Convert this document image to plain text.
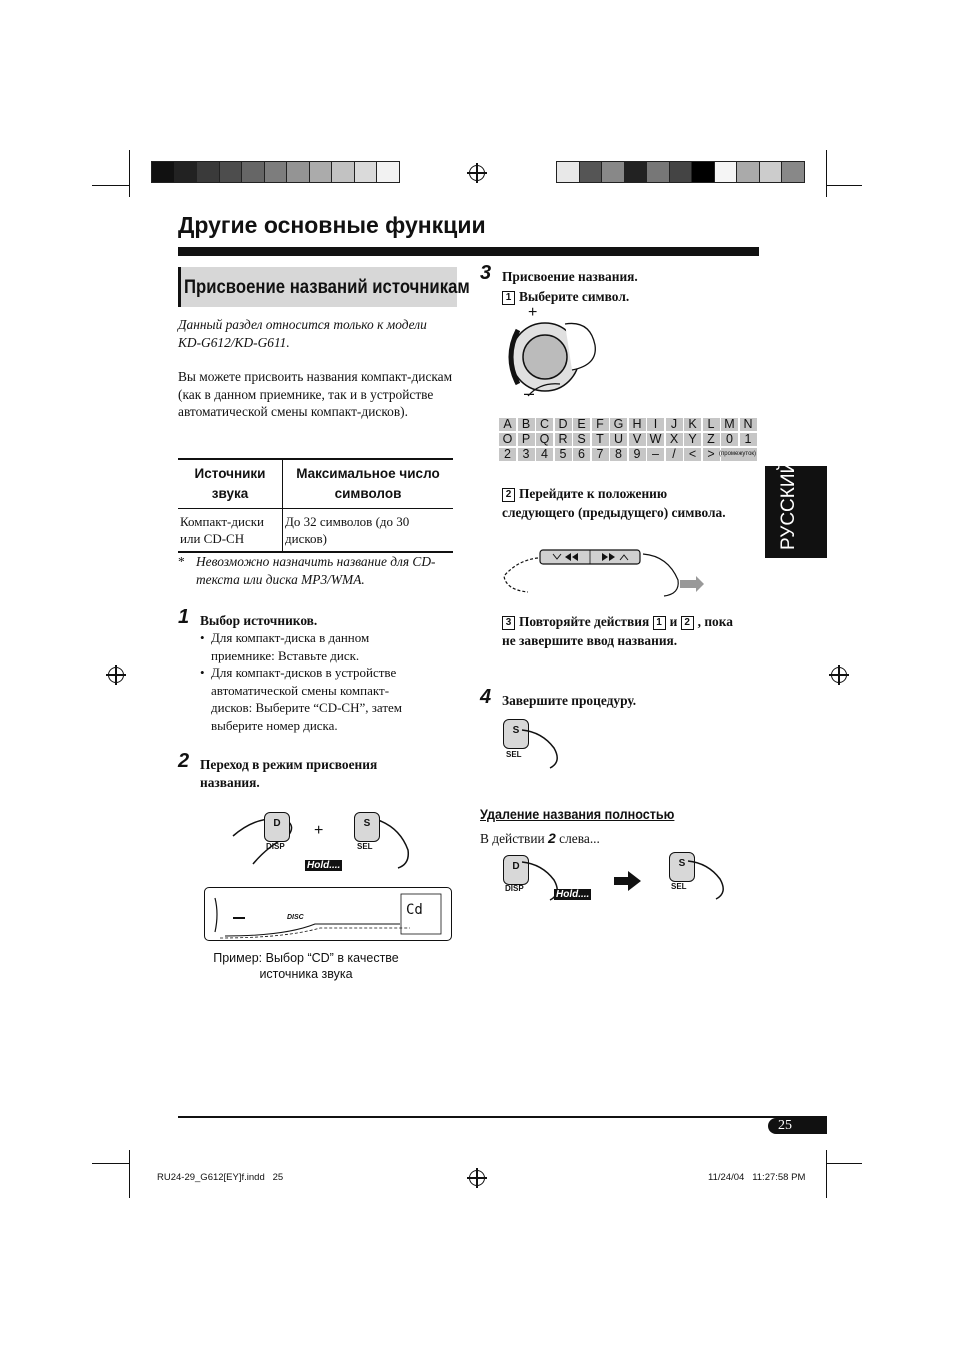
Другие основные функции
Присвоение названий источникам
Данный раздел относится только к модели KD-G612/KD-G611.
Вы можете присвоить названия компакт-дискам (как в данном приемнике, так и в устройстве автоматической смены компакт-дисков).
Источники звука	Максимальное число символов
Компакт-диски или CD-CH	До 32 символов (до 30 дисков)
* Невозможно назначить название для CD-текста или диска MP3/WMA.
1 Выбор источников.
• Для компакт-диска в данном приемнике: Вставьте диск.
• Для компакт-дисков в устройстве автоматической смены компакт-дисков: Выберите “CD-CH”, затем выберите номер диска.
2 Переход в режим присвоения названия.
D
DISP
+	S
SEL
Hold....
DISC	Cd
Пример: Выбор “CD” в качестве источника звука
3 Присвоение названия.
1 Выберите символ.
+
–
A B C D E F G H I	J K L M N
O P Q R S T U V W X Y Z 0 1
2 3 4 5 6 7 8 9 –	/	< > (промежуток)
2 Перейдите к положению следующего (предыдущего) символа.
3 Повторяйте действия 1 и 2 , пока не завершите ввод названия.
4 Завершите процедуру.
S
SEL
Удаление названия полностью
В действии 2 слева...
D
DISP
Hold....
S
SEL
РУССКИЙ
25
RU24-29_G612[EY]f.indd   25	11/24/04   11:27:58 PM
